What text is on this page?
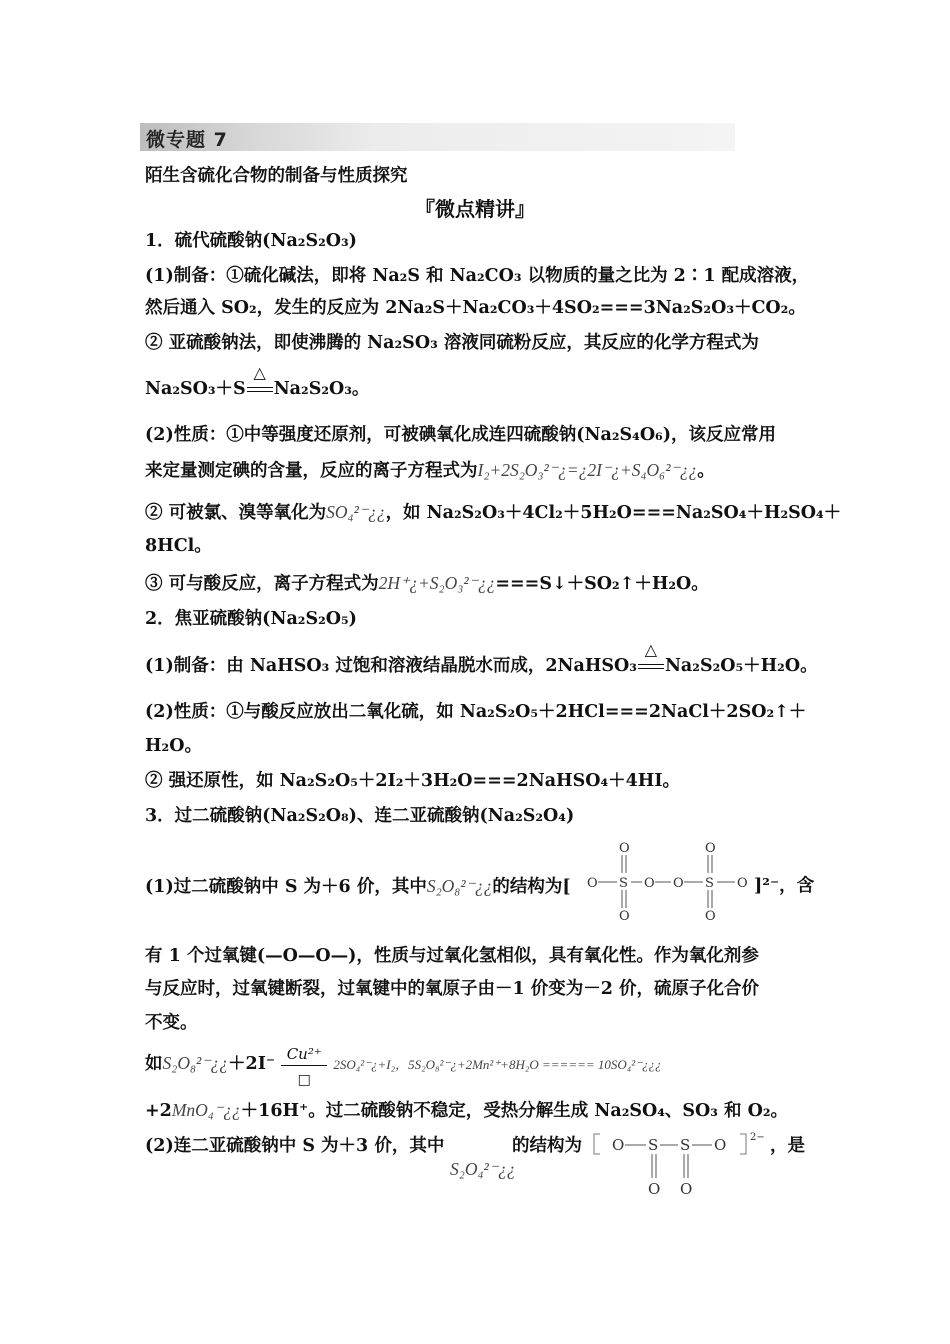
微专题 7
陌生含硫化合物的制备与性质探究
『微点精讲』
1．硫代硫酸钠(Na₂S₂O₃)
(1)制备：①硫化碱法，即将 Na₂S 和 Na₂CO₃ 以物质的量之比为 2∶1 配成溶液，
然后通入 SO₂，发生的反应为 2Na₂S＋Na₂CO₃＋4SO₂===3Na₂S₂O₃＋CO₂。
② 亚硫酸钠法，即使沸腾的 Na₂SO₃ 溶液同硫粉反应，其反应的化学方程式为
Na₂SO₃＋S
△
Na₂S₂O₃。
(2)性质：①中等强度还原剂，可被碘氧化成连四硫酸钠(Na₂S₄O₆)，该反应常用
来定量测定碘的含量，反应的离子方程式为I₂+2S₂O₃²⁻¿=¿2I⁻¿+S₄O₆²⁻¿¿。
② 可被氯、溴等氧化为SO₄²⁻¿¿，如 Na₂S₂O₃＋4Cl₂＋5H₂O===Na₂SO₄＋H₂SO₄＋
8HCl。
③ 可与酸反应，离子方程式为2H⁺¿+S₂O₃²⁻¿¿===S↓＋SO₂↑＋H₂O。
2．焦亚硫酸钠(Na₂S₂O₅)
(1)制备：由 NaHSO₃ 过饱和溶液结晶脱水而成，2NaHSO₃
△
Na₂S₂O₅＋H₂O。
(2)性质：①与酸反应放出二氧化硫，如 Na₂S₂O₅＋2HCl===2NaCl＋2SO₂↑＋
H₂O。
② 强还原性，如 Na₂S₂O₅＋2I₂＋3H₂O===2NaHSO₄＋4HI。
3．过二硫酸钠(Na₂S₂O₈)、连二亚硫酸钠(Na₂S₂O₄)
(1)过二硫酸钠中 S 为＋6 价，其中S₂O₈²⁻¿¿的结构为[
O	O
O S O O S O
O	O
]²⁻，含
有 1 个过氧键(—O—O—)，性质与过氧化氢相似，具有氧化性。作为氧化剂参
与反应时，过氧键断裂，过氧键中的氧原子由－1 价变为－2 价，硫原子化合价
不变。
如S₂O₈²⁻¿¿＋2I⁻ Cu²⁺
□
2SO₄²⁻¿+I₂，5S₂O₈²⁻¿+2Mn²⁺+8H₂O ====== 10SO₄²⁻¿¿¿
+2MnO₄⁻¿¿＋16H⁺。过二硫酸钠不稳定，受热分解生成 Na₂SO₄、SO₃ 和 O₂。
(2)连二亚硫酸钠中 S 为＋3 价，其中
S₂O₄²⁻¿¿
的结构为 O S S O
O O
2− ，是
